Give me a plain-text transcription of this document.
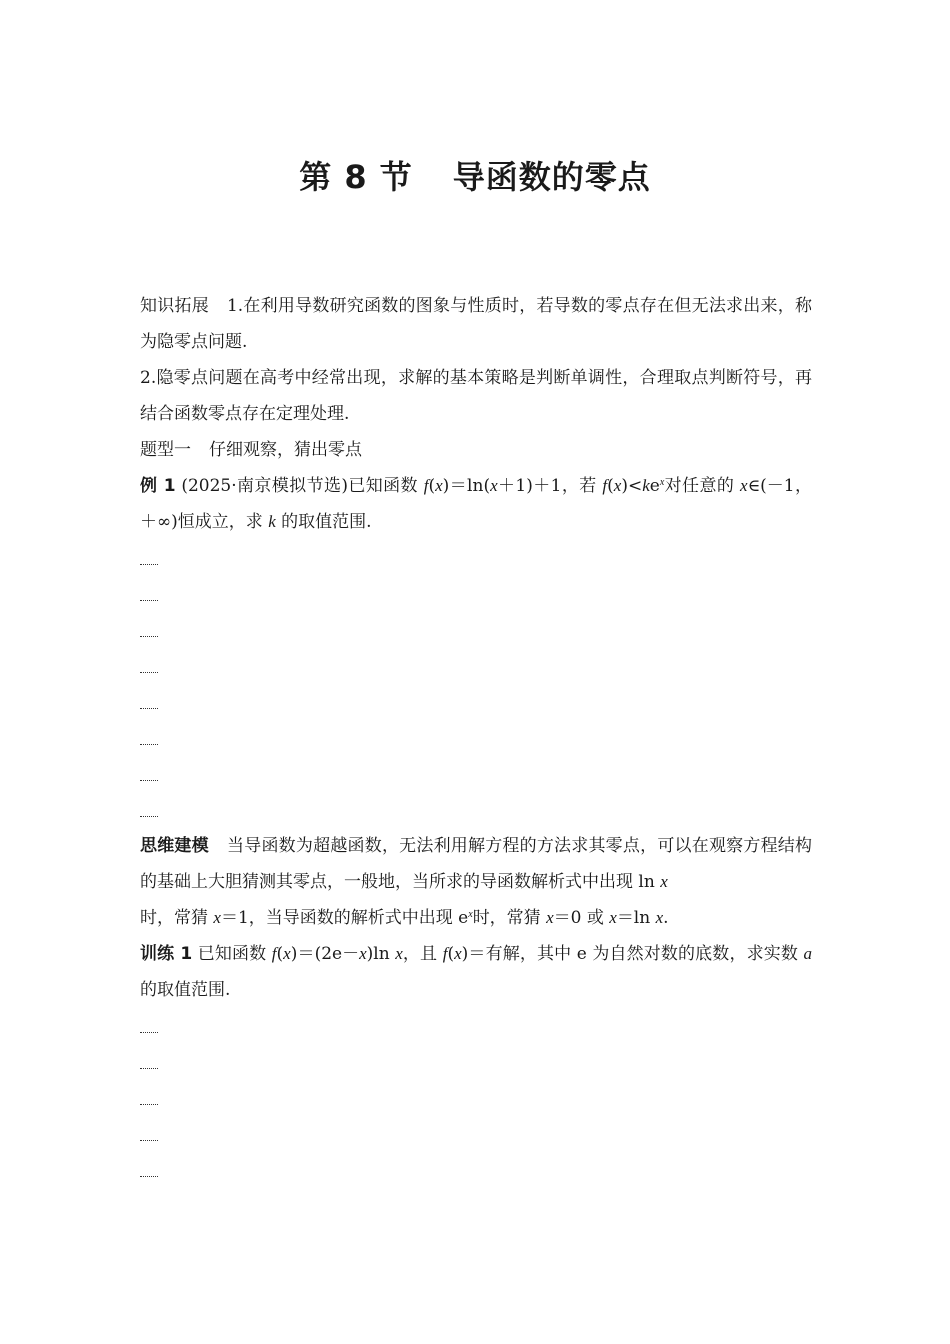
第 8 节 导函数的零点

知识拓展 1.在利用导数研究函数的图象与性质时，若导数的零点存在但无法求出来，称为隐零点问题.

2.隐零点问题在高考中经常出现，求解的基本策略是判断单调性，合理取点判断符号，再结合函数零点存在定理处理.

题型一 仔细观察，猜出零点

例 1 (2025·南京模拟节选)已知函数 f(x)＝ln(x＋1)＋1，若 $f(x)<ke^x$对任意的 x∈(－1，＋∞)恒成立，求 k 的取值范围.

思维建模 当导函数为超越函数，无法利用解方程的方法求其零点，可以在观察方程结构的基础上大胆猜测其零点，一般地，当所求的导函数解析式中出现 ln x
时，常猜 x＝1，当导函数的解析式中出现 $e^x$时，常猜 x＝0 或 x＝ln x.

训练 1 已知函数 f(x)＝(2e－x)ln x，且 f(x)＝有解，其中 e 为自然对数的底数，求实数 a 的取值范围.
